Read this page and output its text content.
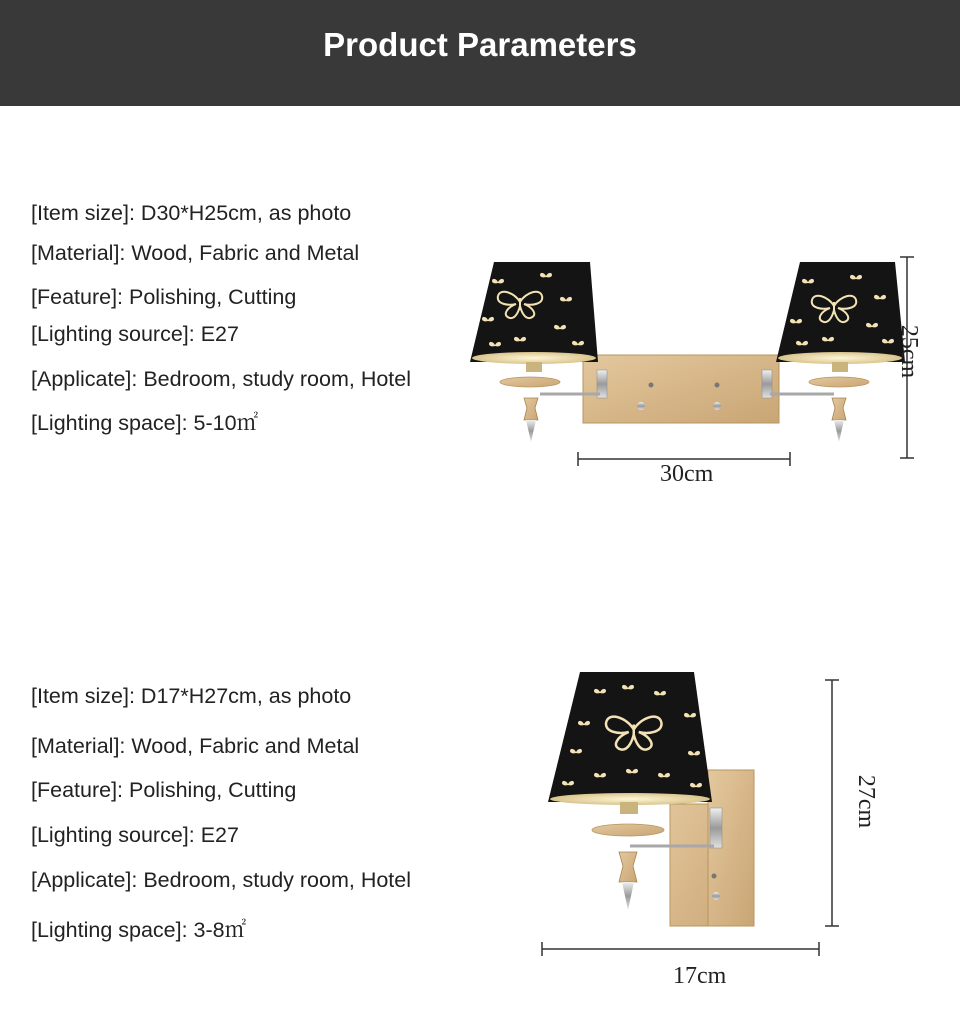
Product Parameters
[Item size]: D30*H25cm, as photo
[Material]: Wood, Fabric and Metal
[Feature]: Polishing, Cutting
[Lighting source]: E27
[Applicate]: Bedroom, study room, Hotel
[Lighting space]: 5-10㎡
[Item size]: D17*H27cm, as photo
[Material]: Wood, Fabric and Metal
[Feature]: Polishing, Cutting
[Lighting source]: E27
[Applicate]: Bedroom, study room, Hotel
[Lighting space]: 3-8㎡
30cm
25cm
17cm
27cm
